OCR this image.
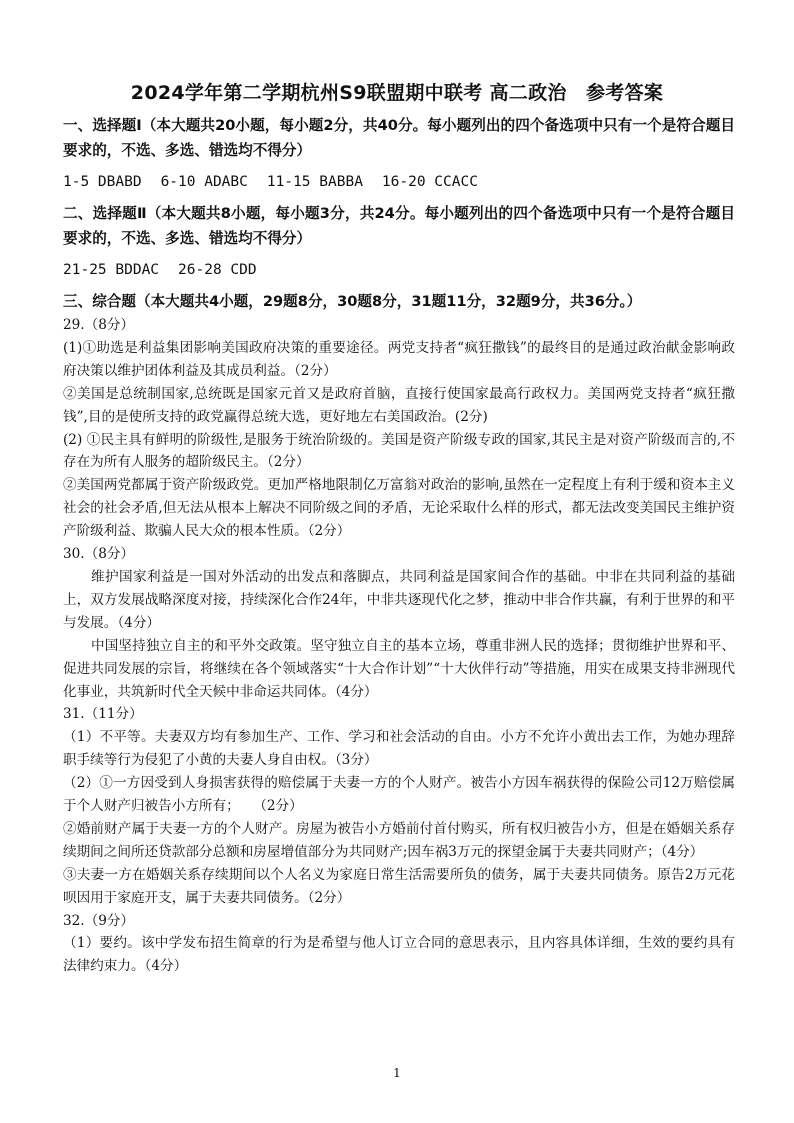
2024学年第二学期杭州S9联盟期中联考 高二政治　参考答案

一、选择题Ⅰ（本大题共20小题，每小题2分，共40分。每小题列出的四个备选项中只有一个是符合题目要求的，不选、多选、错选均不得分）

1-5 DBABD 6-10 ADABC 11-15 BABBA 16-20 CCACC

二、选择题Ⅱ（本大题共8小题，每小题3分，共24分。每小题列出的四个备选项中只有一个是符合题目要求的，不选、多选、错选均不得分）

21-25 BDDAC 26-28 CDD

三、综合题（本大题共4小题，29题8分，30题8分，31题11分，32题9分，共36分。）

29.（8分）

(1)①助选是利益集团影响美国政府决策的重要途径。两党支持者“疯狂撒钱”的最终目的是通过政治献金影响政府决策以维护团体利益及其成员利益。（2分）

②美国是总统制国家,总统既是国家元首又是政府首脑，直接行使国家最高行政权力。美国两党支持者“疯狂撒钱”,目的是使所支持的政党赢得总统大选，更好地左右美国政治。(2分)

(2) ①民主具有鲜明的阶级性,是服务于统治阶级的。美国是资产阶级专政的国家,其民主是对资产阶级而言的,不存在为所有人服务的超阶级民主。（2分）

②美国两党都属于资产阶级政党。更加严格地限制亿万富翁对政治的影响,虽然在一定程度上有利于缓和资本主义社会的社会矛盾,但无法从根本上解决不同阶级之间的矛盾，无论采取什么样的形式，都无法改变美国民主维护资产阶级利益、欺骗人民大众的根本性质。（2分）

30.（8分）

维护国家利益是一国对外活动的出发点和落脚点，共同利益是国家间合作的基础。中非在共同利益的基础上，双方发展战略深度对接，持续深化合作24年，中非共逐现代化之梦，推动中非合作共赢，有利于世界的和平与发展。（4分）

中国坚持独立自主的和平外交政策。坚守独立自主的基本立场，尊重非洲人民的选择；贯彻维护世界和平、促进共同发展的宗旨，将继续在各个领域落实“十大合作计划”“十大伙伴行动”等措施，用实在成果支持非洲现代化事业，共筑新时代全天候中非命运共同体。（4分）

31.（11分）

（1）不平等。夫妻双方均有参加生产、工作、学习和社会活动的自由。小方不允许小黄出去工作，为她办理辞职手续等行为侵犯了小黄的夫妻人身自由权。（3分）

（2）①一方因受到人身损害获得的赔偿属于夫妻一方的个人财产。被告小方因车祸获得的保险公司12万赔偿属于个人财产归被告小方所有；　　（2分）

②婚前财产属于夫妻一方的个人财产。房屋为被告小方婚前付首付购买，所有权归被告小方，但是在婚姻关系存续期间之间所还贷款部分总额和房屋增值部分为共同财产;因车祸3万元的探望金属于夫妻共同财产；（4分）

③夫妻一方在婚姻关系存续期间以个人名义为家庭日常生活需要所负的债务，属于夫妻共同债务。原告2万元花呗因用于家庭开支，属于夫妻共同债务。（2分）

32.（9分）

（1）要约。该中学发布招生简章的行为是希望与他人订立合同的意思表示，且内容具体详细，生效的要约具有法律约束力。（4分）

1
